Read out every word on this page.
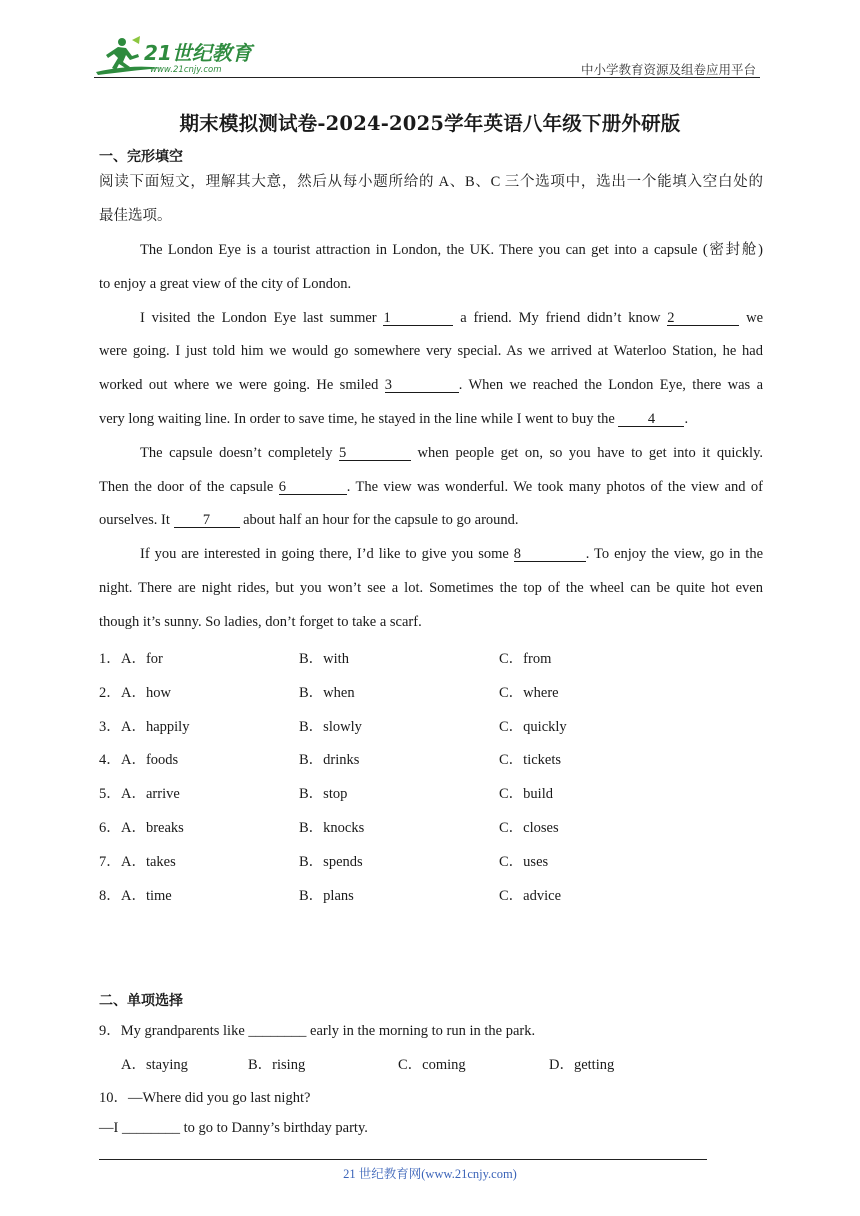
21世纪教育
www.21cnjy.com	中小学教育资源及组卷应用平台
期末模拟测试卷-2024-2025学年英语八年级下册外研版
一、完形填空
阅读下面短文，理解其大意，然后从每小题所给的 A、B、C 三个选项中，选出一个能填入空白处的
最佳选项。
The London Eye is a tourist attraction in London, the UK. There you can get into a capsule (密封舱)
to enjoy a great view of the city of London.
I visited the London Eye last summer 1	a friend. My friend didn’t know 2	we
were going. I just told him we would go somewhere very special. As we arrived at Waterloo Station, he had
worked out where we were going. He smiled 3	. When we reached the London Eye, there was a
very long waiting line. In order to save time, he stayed in the line while I went to buy the 4 .
The capsule doesn’t completely 5	when people get on, so you have to get into it quickly.
Then the door of the capsule 6	. The view was wonderful. We took many photos of the view and of
ourselves. It 7 about half an hour for the capsule to go around.
If you are interested in going there, I’d like to give you some 8	. To enjoy the view, go in the
night. There are night rides, but you won’t see a lot. Sometimes the top of the wheel can be quite hot even
though it’s sunny. So ladies, don’t forget to take a scarf.
1． A．for	B．with	C．from
2． A．how	B．when	C．where
3． A．happily	B．slowly	C．quickly
4． A．foods	B．drinks	C．tickets
5． A．arrive	B．stop	C．build
6． A．breaks	B．knocks	C．closes
7． A．takes	B．spends	C．uses
8． A．time	B．plans	C．advice
二、单项选择
9．My grandparents like ________ early in the morning to run in the park.
A．staying	B．rising	C．coming	D．getting
10．—Where did you go last night?
—I ________ to go to Danny’s birthday party.
21 世纪教育网(www.21cnjy.com)
